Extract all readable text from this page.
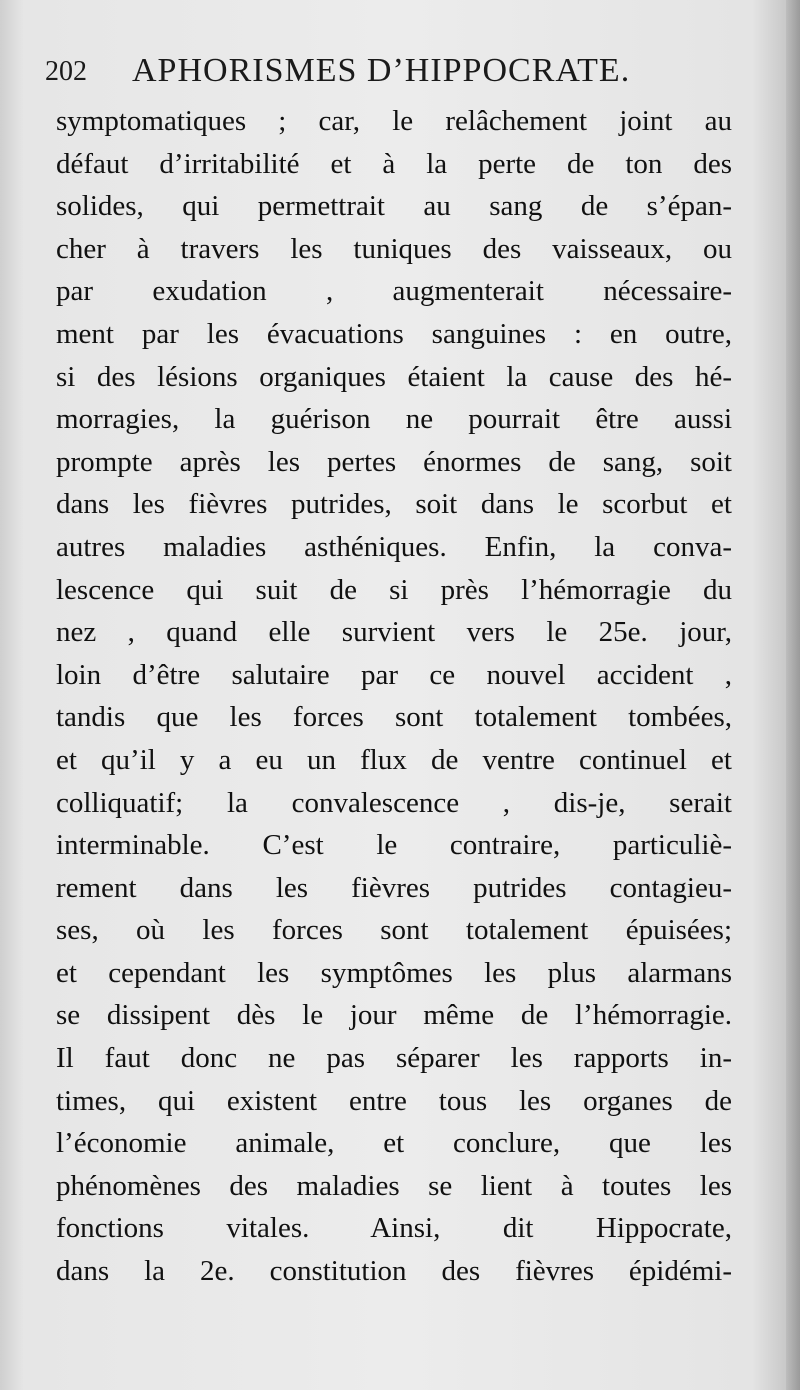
202 APHORISMES D’HIPPOCRATE.
symptomatiques ; car, le relâchement joint au
défaut d’irritabilité et à la perte de ton des
solides, qui permettrait au sang de s’épan-
cher à travers les tuniques des vaisseaux, ou
par exudation , augmenterait nécessaire-
ment par les évacuations sanguines : en outre,
si des lésions organiques étaient la cause des hé-
morragies, la guérison ne pourrait être aussi
prompte après les pertes énormes de sang, soit
dans les fièvres putrides, soit dans le scorbut et
autres maladies asthéniques. Enfin, la conva-
lescence qui suit de si près l’hémorragie du
nez , quand elle survient vers le 25e. jour,
loin d’être salutaire par ce nouvel accident ,
tandis que les forces sont totalement tombées,
et qu’il y a eu un flux de ventre continuel et
colliquatif; la convalescence , dis-je, serait
interminable. C’est le contraire, particuliè-
rement dans les fièvres putrides contagieu-
ses, où les forces sont totalement épuisées;
et cependant les symptômes les plus alarmans
se dissipent dès le jour même de l’hémorragie.
Il faut donc ne pas séparer les rapports in-
times, qui existent entre tous les organes de
l’économie animale, et conclure, que les
phénomènes des maladies se lient à toutes les
fonctions vitales. Ainsi, dit Hippocrate,
dans la 2e. constitution des fièvres épidémi-
